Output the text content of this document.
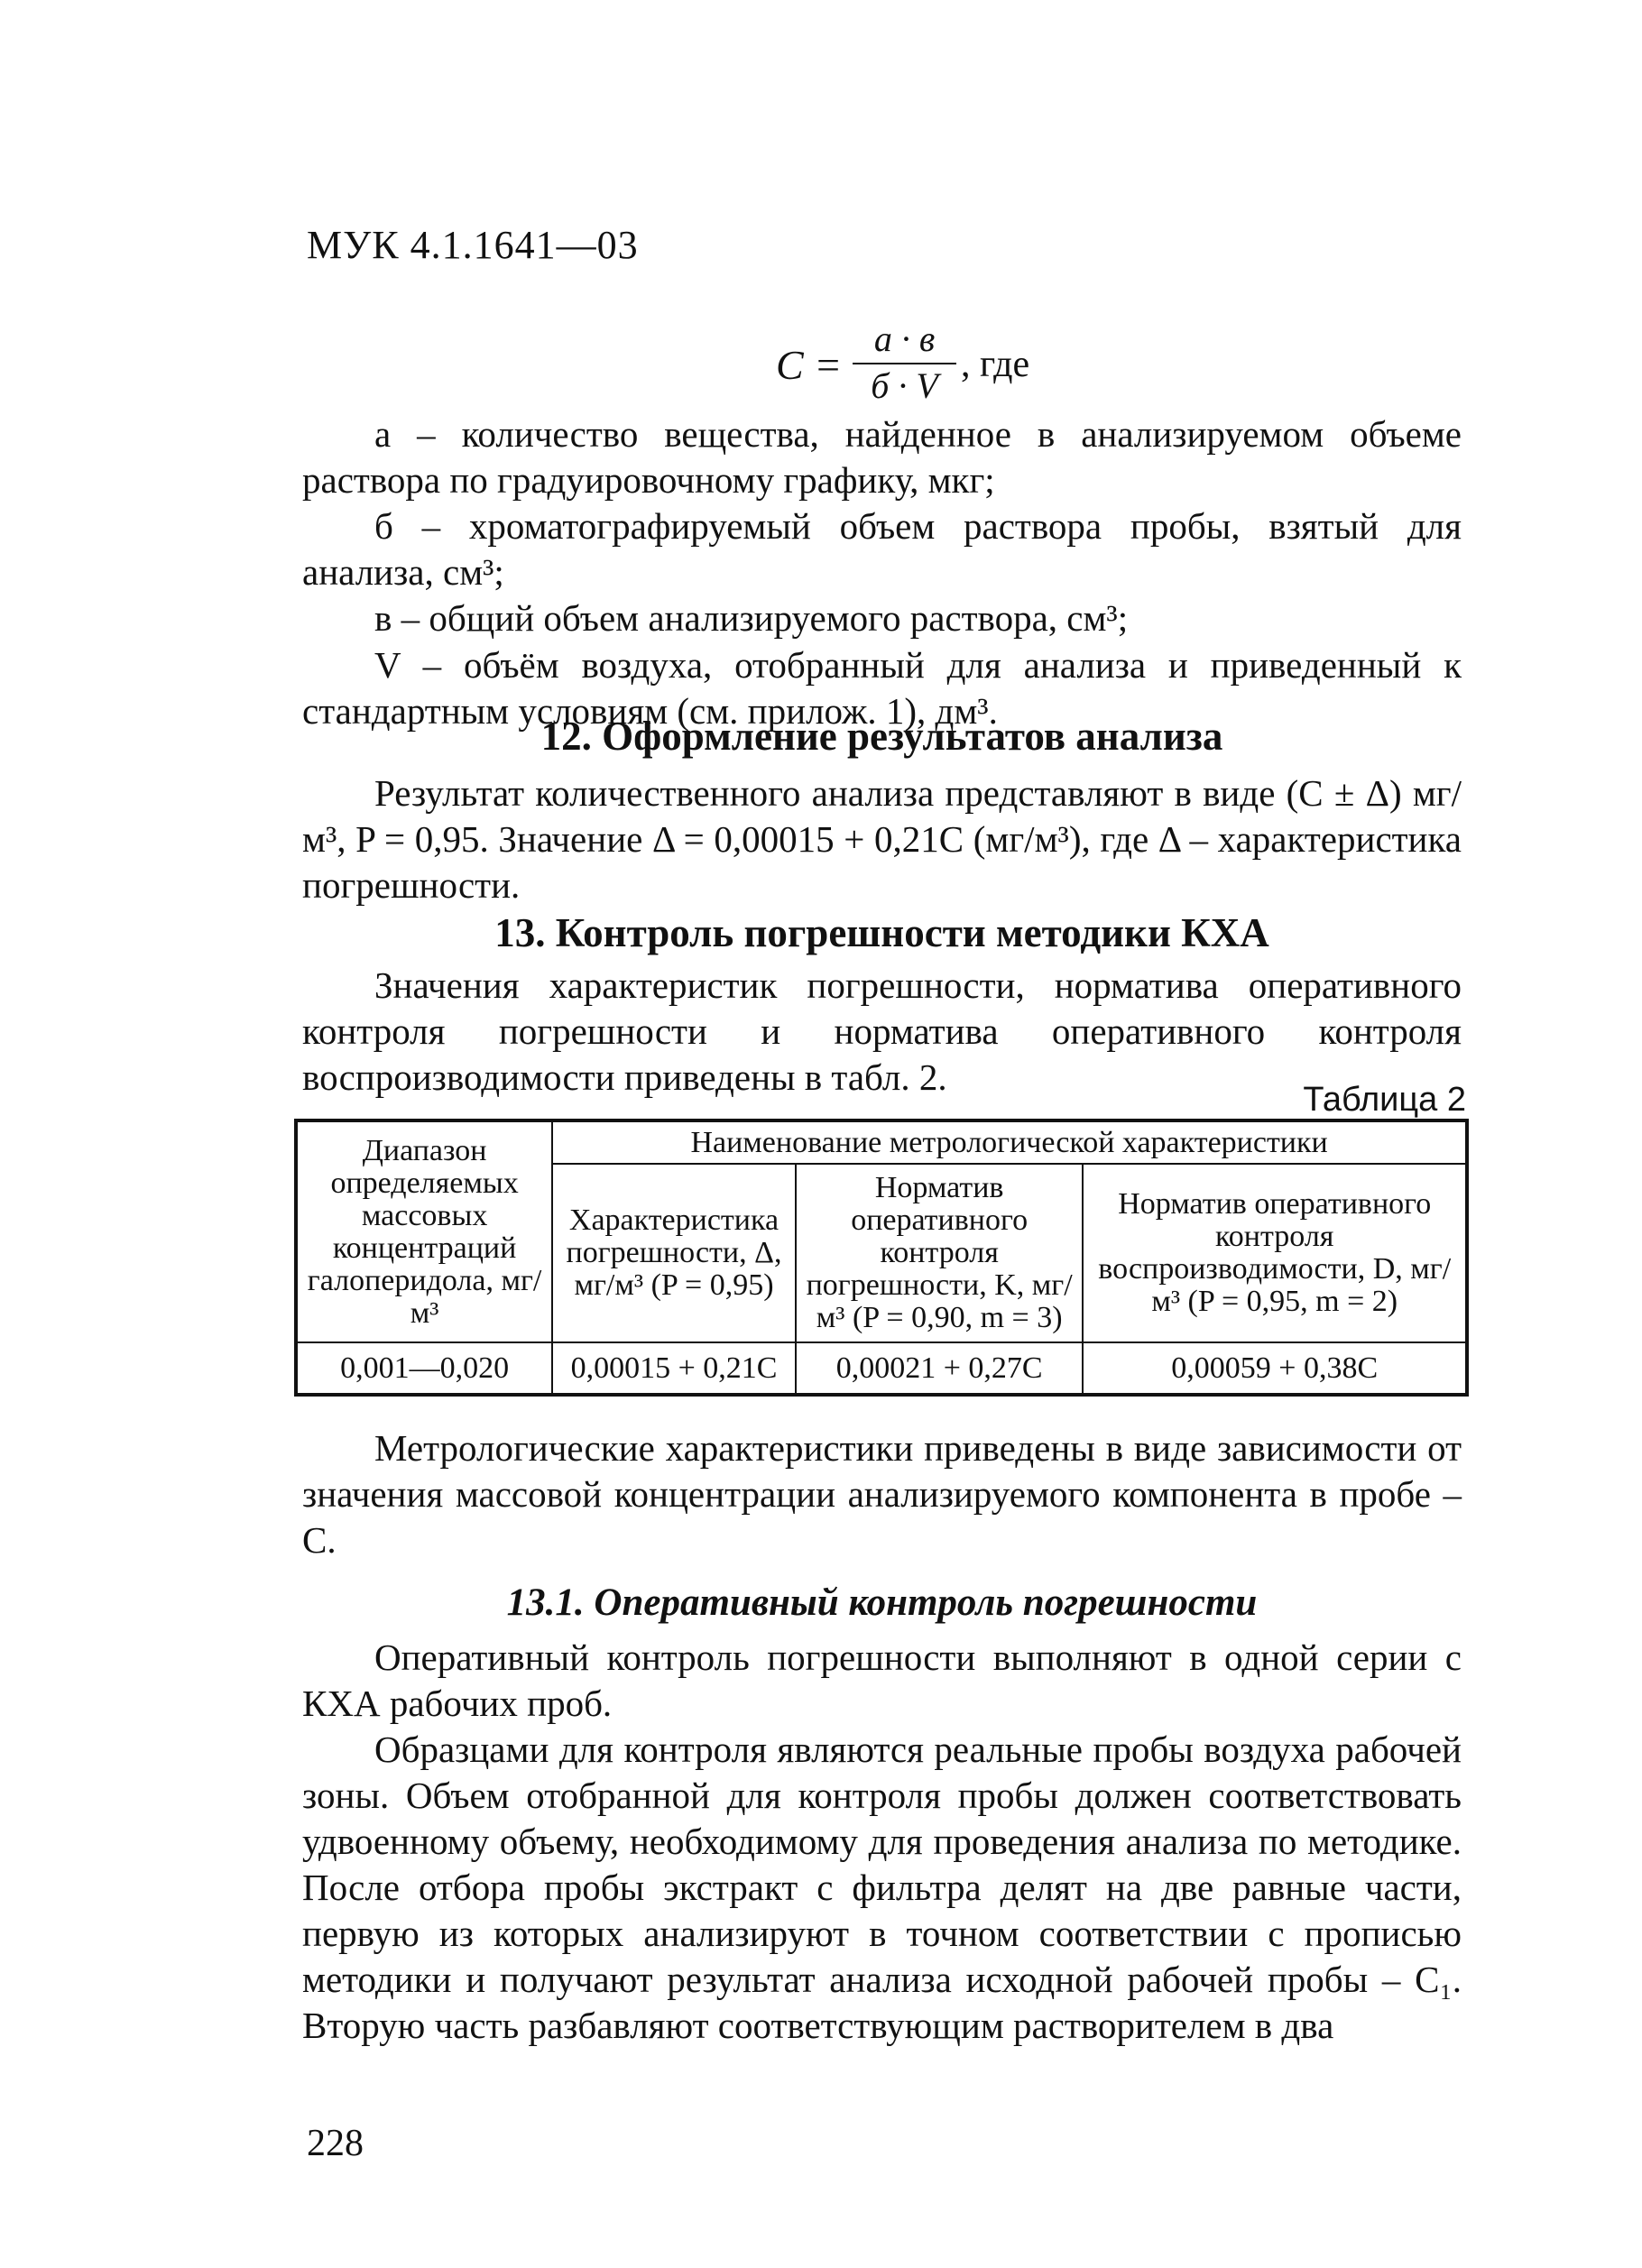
МУК 4.1.1641—03
C =
а · в
б · V
, где
а – количество вещества, найденное в анализируемом объеме раствора по градуировочному графику, мкг;
б – хроматографируемый объем раствора пробы, взятый для анализа, см³;
в – общий объем анализируемого раствора, см³;
V – объём воздуха, отобранный для анализа и приведенный к стандартным условиям (см. прилож. 1), дм³.
12. Оформление результатов анализа
Результат количественного анализа представляют в виде (C ± Δ) мг/м³, P = 0,95. Значение Δ = 0,00015 + 0,21C (мг/м³), где Δ – характеристика погрешности.
13. Контроль погрешности методики КХА
Значения характеристик погрешности, норматива оперативного контроля погрешности и норматива оперативного контроля воспроизводимости приведены в табл. 2.
Таблица 2
Диапазон определяемых массовых концентраций галоперидола, мг/м³	Наименование метрологической характеристики		
	Характеристика погрешности, Δ, мг/м³ (P = 0,95)	Норматив оперативного контроля погрешности, K, мг/м³ (P = 0,90, m = 3)	Норматив оперативного контроля воспроизводимости, D, мг/м³ (P = 0,95, m = 2)
0,001—0,020	0,00015 + 0,21C	0,00021 + 0,27C	0,00059 + 0,38C
Метрологические характеристики приведены в виде зависимости от значения массовой концентрации анализируемого компонента в пробе – C.
13.1. Оперативный контроль погрешности
Оперативный контроль погрешности выполняют в одной серии с КХА рабочих проб.
Образцами для контроля являются реальные пробы воздуха рабочей зоны. Объем отобранной для контроля пробы должен соответствовать удвоенному объему, необходимому для проведения анализа по методике. После отбора пробы экстракт с фильтра делят на две равные части, первую из которых анализируют в точном соответствии с прописью методики и получают результат анализа исходной рабочей пробы – C₁. Вторую часть разбавляют соответствующим растворителем в два
228
